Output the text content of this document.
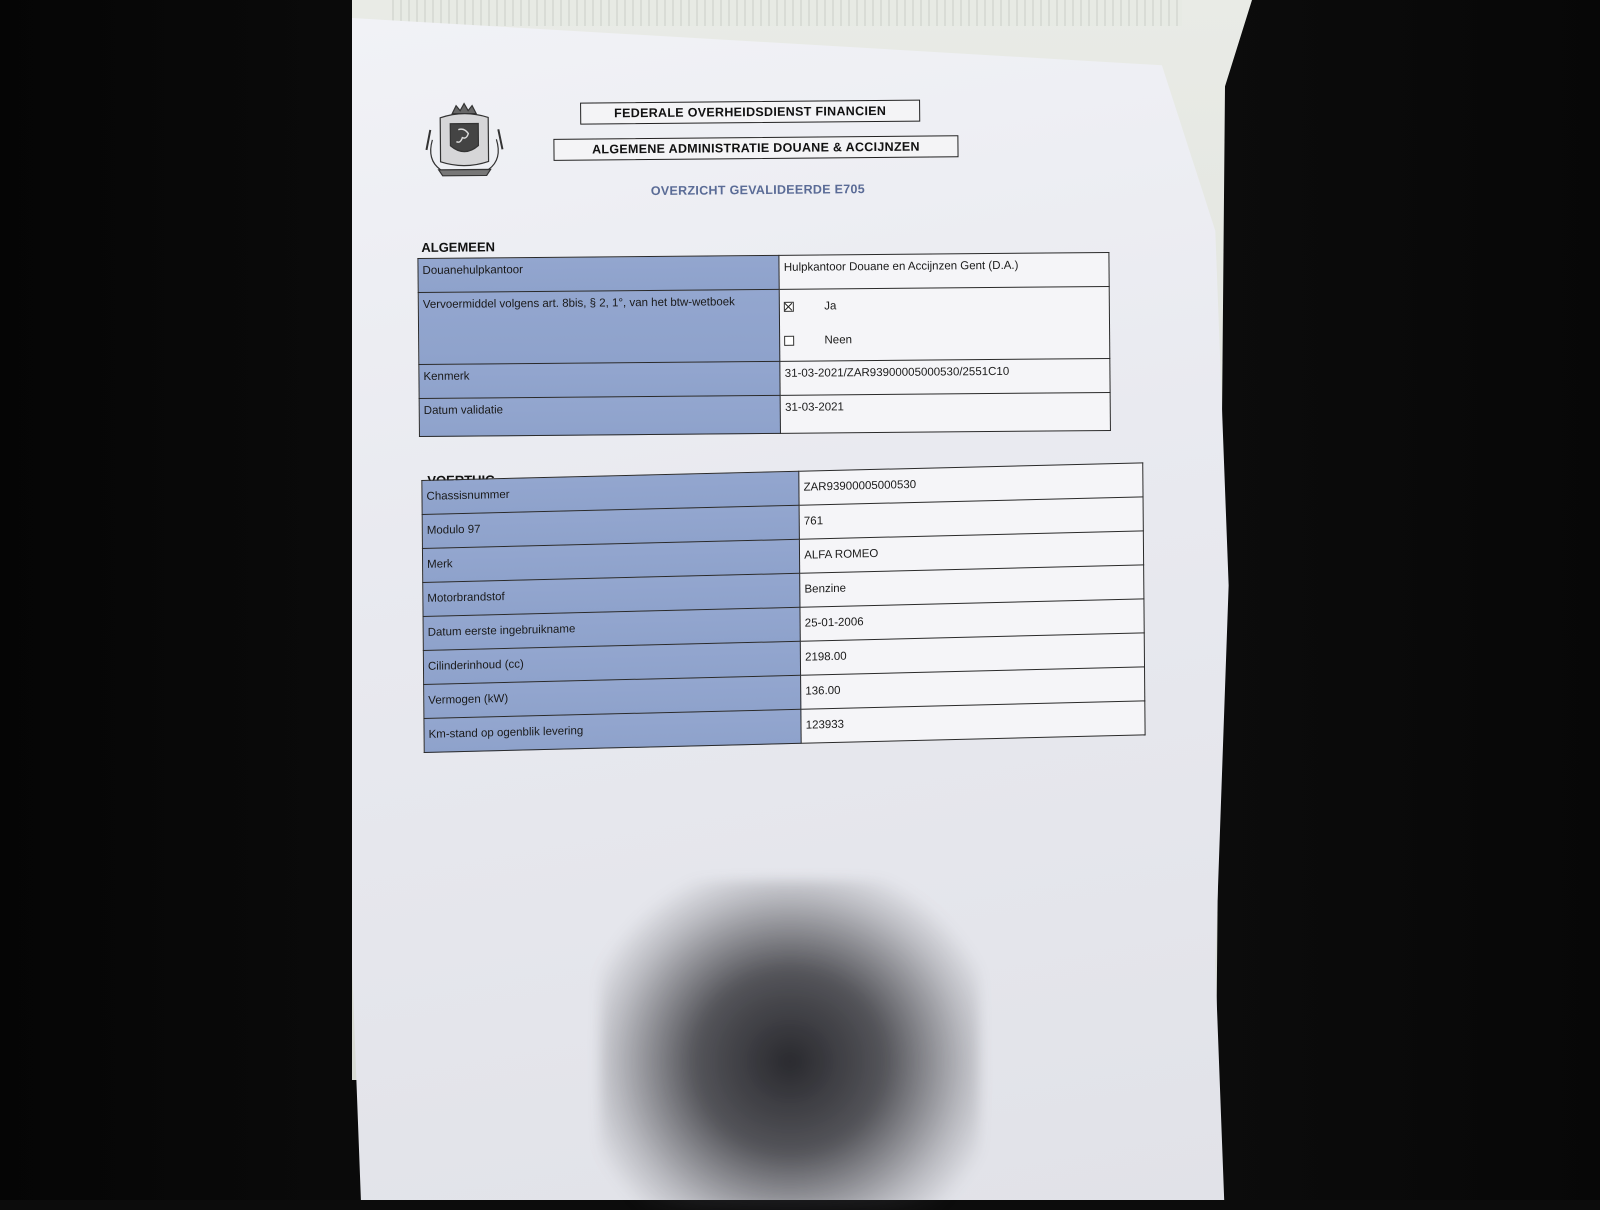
FEDERALE OVERHEIDSDIENST FINANCIEN
ALGEMENE ADMINISTRATIE DOUANE & ACCIJNZEN
OVERZICHT GEVALIDEERDE E705
ALGEMEEN
Douanehulpkantoor	Hulpkantoor Douane en Accijnzen Gent (D.A.)
Vervoermiddel volgens art. 8bis, § 2, 1°, van het btw-wetboek	Ja
Neen

Kenmerk	31-03-2021/ZAR93900005000530/2551C10
Datum validatie	31-03-2021
Chassisnummer	ZAR93900005000530
Modulo 97	761
Merk	ALFA ROMEO
Motorbrandstof	Benzine
Datum eerste ingebruikname	25-01-2006
Cilinderinhoud (cc)	2198.00
Vermogen (kW)	136.00
Km-stand op ogenblik levering	123933
